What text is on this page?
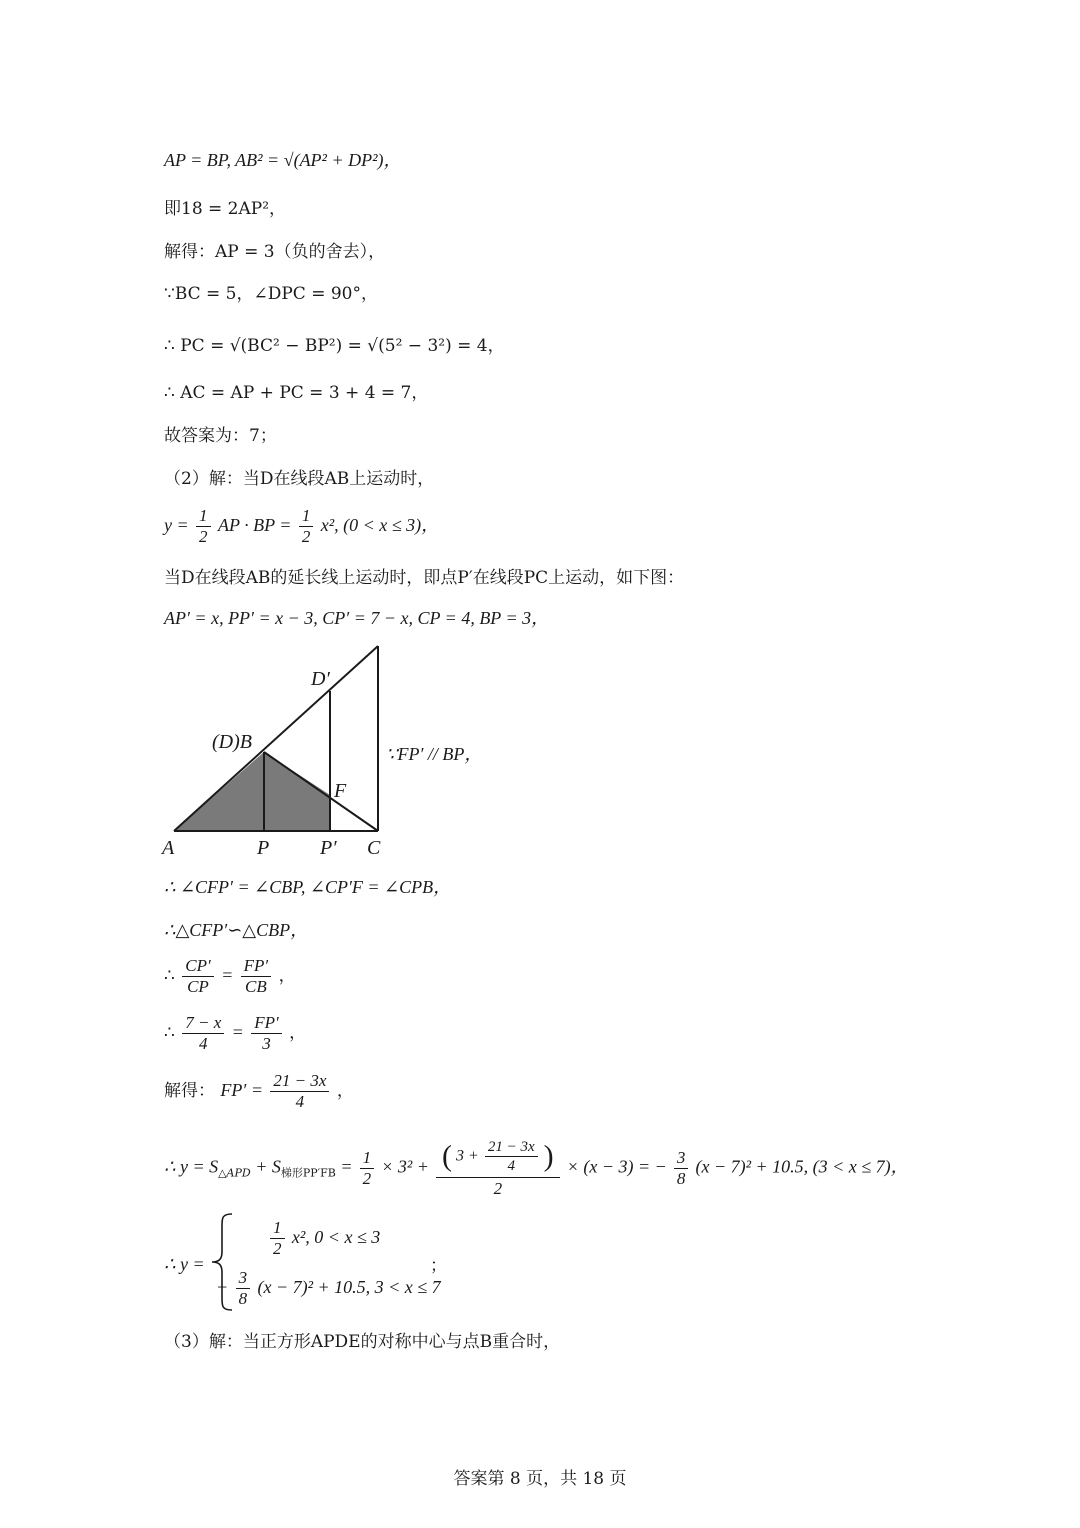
AP = BP, AB² = √(AP² + DP²)，
即18 = 2AP²，
解得：AP = 3（负的舍去），
∵BC = 5，∠DPC = 90°，
∴ PC = √(BC² − BP²) = √(5² − 3²) = 4，
∴ AC = AP + PC = 3 + 4 = 7，
故答案为：7；
（2）解：当D在线段AB上运动时，
$y = \frac{1}{2}$ AP · BP = $\frac{1}{2} x^2$, (0 < x ≤ 3)，
当D在线段AB的延长线上运动时，即点P′在线段PC上运动，如下图：
AP′ = x, PP′ = x − 3, CP′ = 7 − x, CP = 4, BP = 3，
A	P	P′ C
(D)B
D′
F
∵FP′ // BP，
∴ ∠CFP′ = ∠CBP, ∠CP′F = ∠CPB，
∴△CFP′∽△CBP，
∴ $\frac{CP'}{CP} = \frac{FP'}{CB}$ ，
∴ $\frac{7 - x}{4} = \frac{FP'}{3}$ ，
解得： $FP' = \frac{21 - 3x}{4}$ ，
∴ $y = S_{\triangle APD} + S_{梯形PP'FB} = \frac{1}{2} \times 3^2 + \frac{( 3 + \frac{21 - 3x}{4} )}{2} \times (x - 3)$ = − $\frac{3}{8} (x - 7)^2 + 10.5$, (3 < x ≤ 7)，
∴ y =
$\frac{1}{2} x^2$, 0 < x ≤ 3
− $\frac{3}{8} (x - 7)^2 + 10.5$, 3 < x ≤ 7
；
（3）解：当正方形APDE的对称中心与点B重合时，
答案第 8 页，共 18 页
